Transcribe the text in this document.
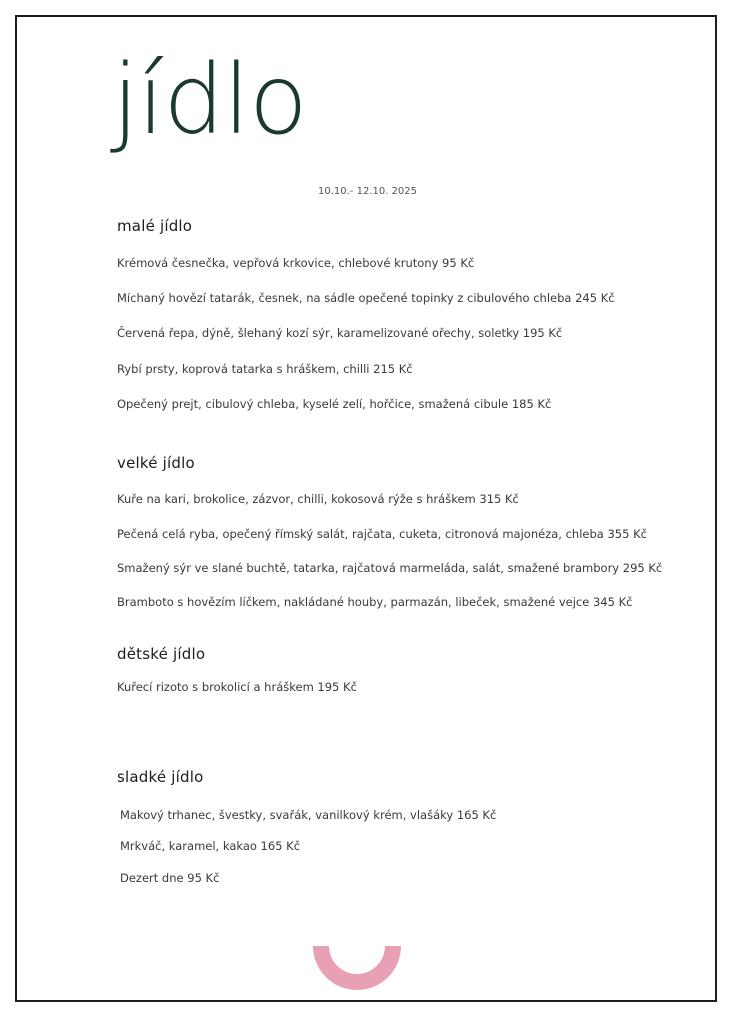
jídlo

10.10.- 12.10. 2025

malé jídlo

Krémová česnečka, vepřová krkovice, chlebové krutony 95 Kč

Míchaný hovězí tatarák, česnek, na sádle opečené topinky z cibulového chleba 245 Kč

Červená řepa, dýně, šlehaný kozí sýr, karamelizované ořechy, soletky 195 Kč

Rybí prsty, koprová tatarka s hráškem, chilli 215 Kč

Opečený prejt, cibulový chleba, kyselé zelí, hořčice, smažená cibule 185 Kč

velké jídlo

Kuře na kari, brokolice, zázvor, chilli, kokosová rýže s hráškem 315 Kč

Pečená celá ryba, opečený římský salát, rajčata, cuketa, citronová majonéza, chleba 355 Kč

Smažený sýr ve slané buchtě, tatarka, rajčatová marmeláda, salát, smažené brambory 295 Kč

Bramboto s hovězím líčkem, nakládané houby, parmazán, libeček, smažené vejce 345 Kč

dětské jídlo

Kuřecí rizoto s brokolicí a hráškem 195 Kč

sladké jídlo

Makový trhanec, švestky, svařák, vanilkový krém, vlašáky 165 Kč

Mrkváč, karamel, kakao 165 Kč

Dezert dne 95 Kč
